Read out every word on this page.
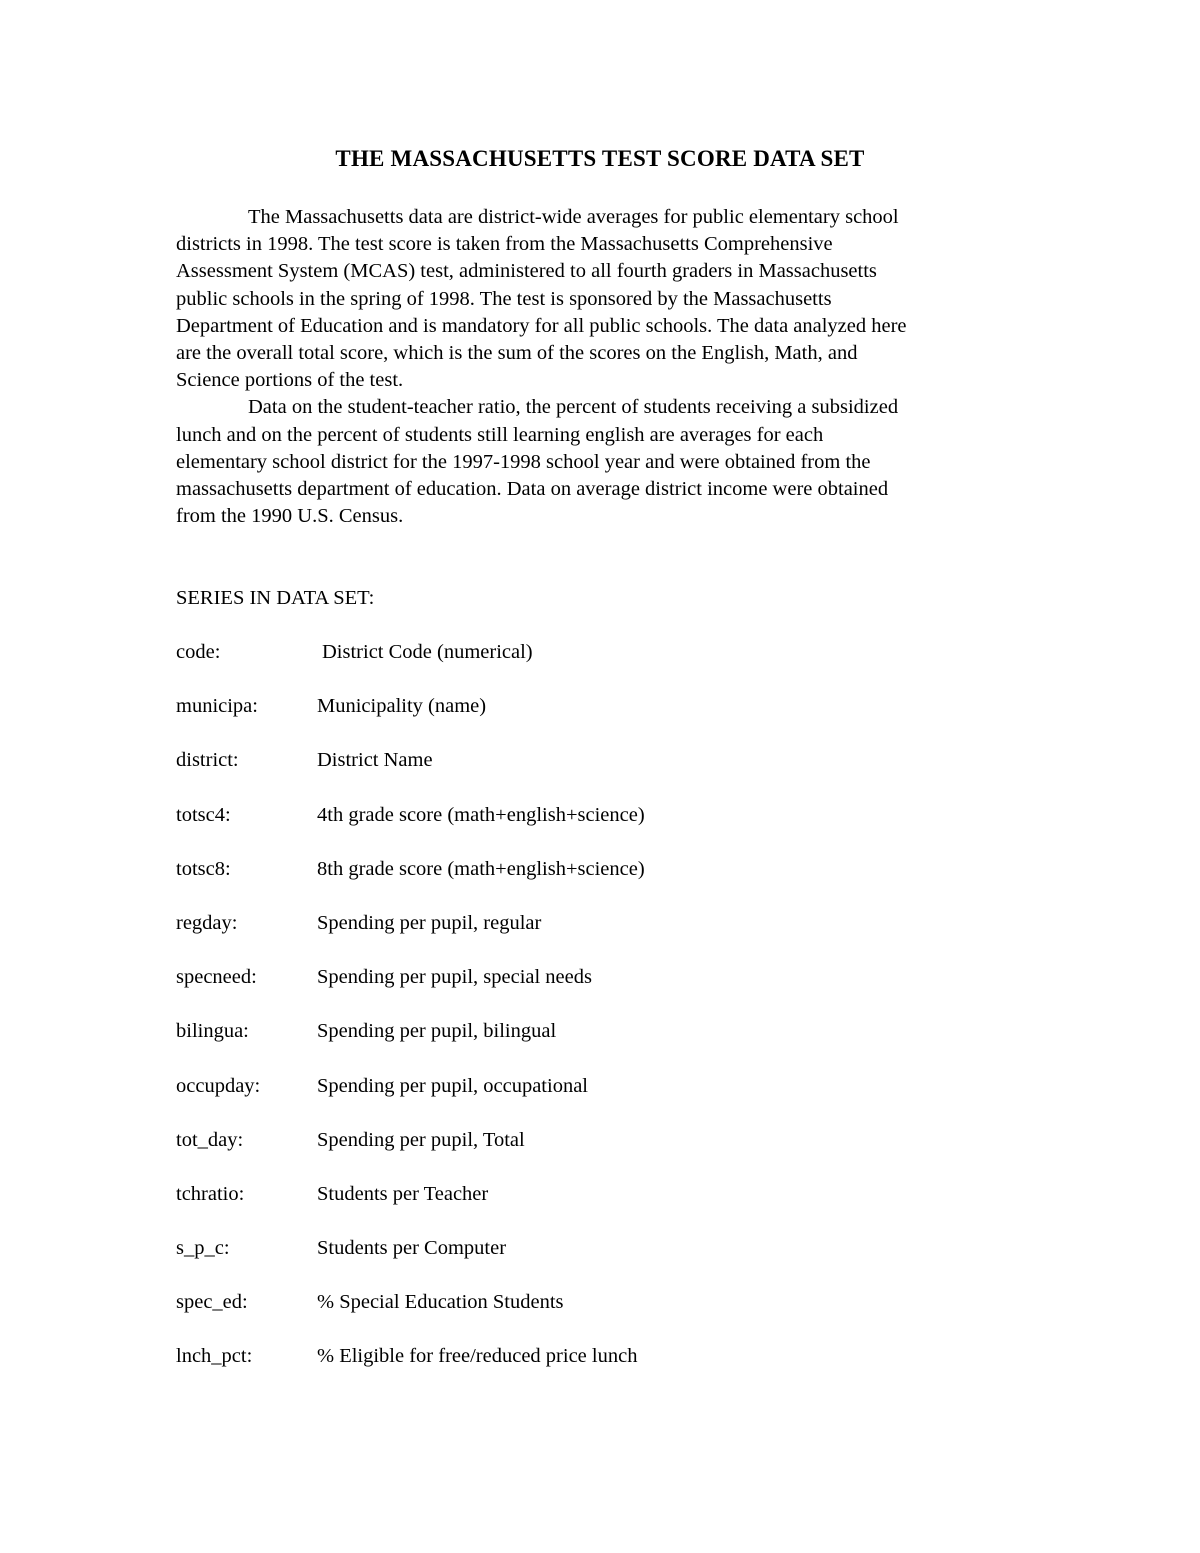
THE MASSACHUSETTS TEST SCORE DATA SET

The Massachusetts data are district-wide averages for public elementary school
districts in 1998. The test score is taken from the Massachusetts Comprehensive
Assessment System (MCAS) test, administered to all fourth graders in Massachusetts
public schools in the spring of 1998. The test is sponsored by the Massachusetts
Department of Education and is mandatory for all public schools. The data analyzed here
are the overall total score, which is the sum of the scores on the English, Math, and
Science portions of the test.

Data on the student-teacher ratio, the percent of students receiving a subsidized
lunch and on the percent of students still learning english are averages for each
elementary school district for the 1997-1998 school year and were obtained from the
massachusetts department of education. Data on average district income were obtained
from the 1990 U.S. Census.

SERIES IN DATA SET:
code:	District Code (numerical)
municipa:	Municipality (name)
district:	District Name
totsc4:	4th grade score (math+english+science)
totsc8:	8th grade score (math+english+science)
regday:	Spending per pupil, regular
specneed:	Spending per pupil, special needs
bilingua:	Spending per pupil, bilingual
occupday:	Spending per pupil, occupational
tot_day:	Spending per pupil, Total
tchratio:	Students per Teacher
s_p_c:	Students per Computer
spec_ed:	% Special Education Students
lnch_pct:	% Eligible for free/reduced price lunch
